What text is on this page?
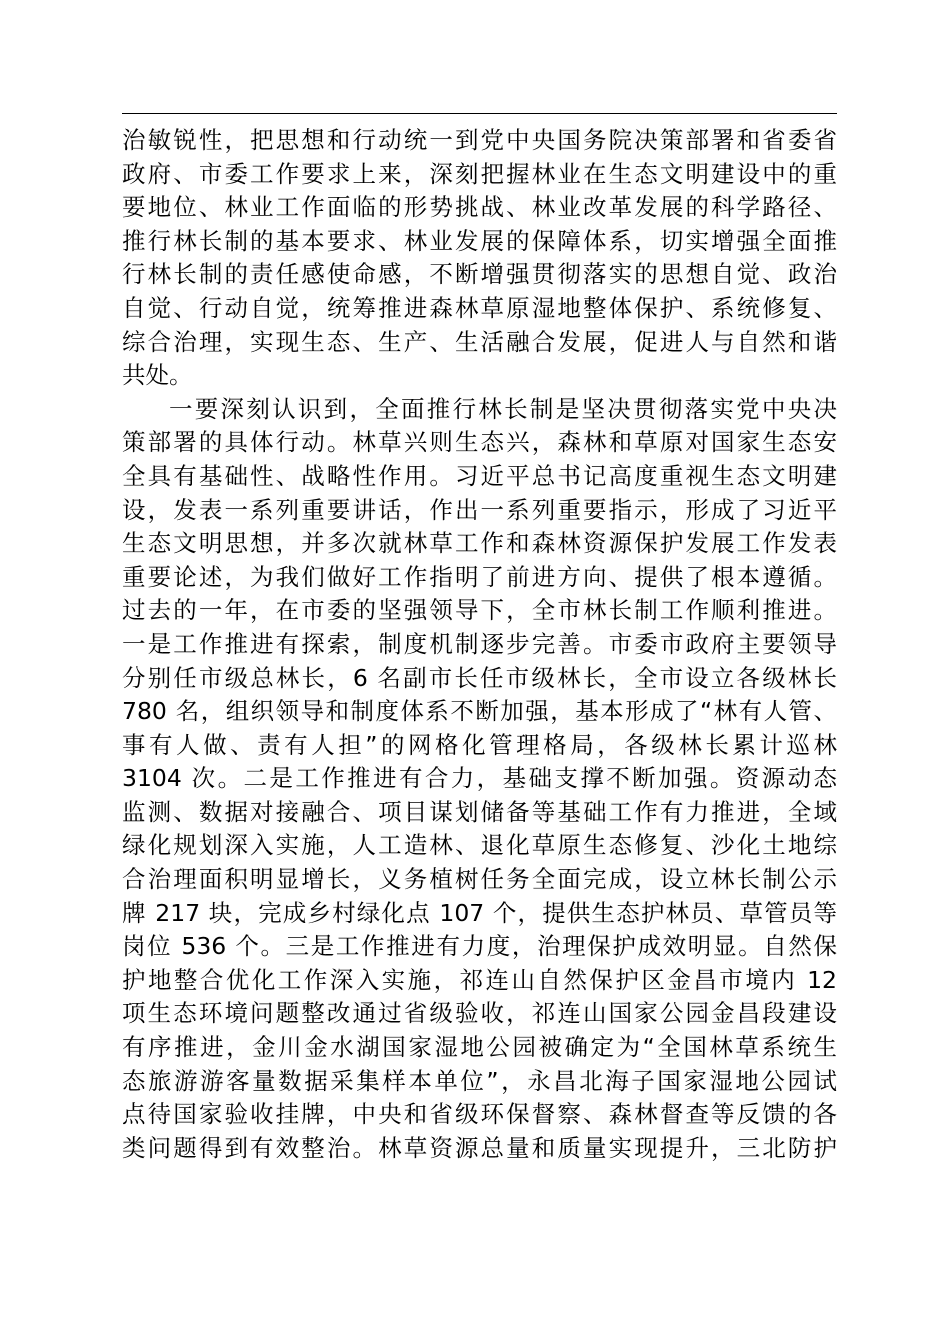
治敏锐性，把思想和行动统一到党中央国务院决策部署和省委省
政府、市委工作要求上来，深刻把握林业在生态文明建设中的重
要地位、林业工作面临的形势挑战、林业改革发展的科学路径、
推行林长制的基本要求、林业发展的保障体系，切实增强全面推
行林长制的责任感使命感，不断增强贯彻落实的思想自觉、政治
自觉、行动自觉，统筹推进森林草原湿地整体保护、系统修复、
综合治理，实现生态、生产、生活融合发展，促进人与自然和谐
共处。
一要深刻认识到，全面推行林长制是坚决贯彻落实党中央决
策部署的具体行动。林草兴则生态兴，森林和草原对国家生态安
全具有基础性、战略性作用。习近平总书记高度重视生态文明建
设，发表一系列重要讲话，作出一系列重要指示，形成了习近平
生态文明思想，并多次就林草工作和森林资源保护发展工作发表
重要论述，为我们做好工作指明了前进方向、提供了根本遵循。
过去的一年，在市委的坚强领导下，全市林长制工作顺利推进。
一是工作推进有探索，制度机制逐步完善。市委市政府主要领导
分别任市级总林长，6 名副市长任市级林长，全市设立各级林长
780 名，组织领导和制度体系不断加强，基本形成了“林有人管、
事有人做、责有人担”的网格化管理格局，各级林长累计巡林
3104 次。二是工作推进有合力，基础支撑不断加强。资源动态
监测、数据对接融合、项目谋划储备等基础工作有力推进，全域
绿化规划深入实施，人工造林、退化草原生态修复、沙化土地综
合治理面积明显增长，义务植树任务全面完成，设立林长制公示
牌 217 块，完成乡村绿化点 107 个，提供生态护林员、草管员等
岗位 536 个。三是工作推进有力度，治理保护成效明显。自然保
护地整合优化工作深入实施，祁连山自然保护区金昌市境内 12
项生态环境问题整改通过省级验收，祁连山国家公园金昌段建设
有序推进，金川金水湖国家湿地公园被确定为“全国林草系统生
态旅游游客量数据采集样本单位”，永昌北海子国家湿地公园试
点待国家验收挂牌，中央和省级环保督察、森林督查等反馈的各
类问题得到有效整治。林草资源总量和质量实现提升，三北防护
